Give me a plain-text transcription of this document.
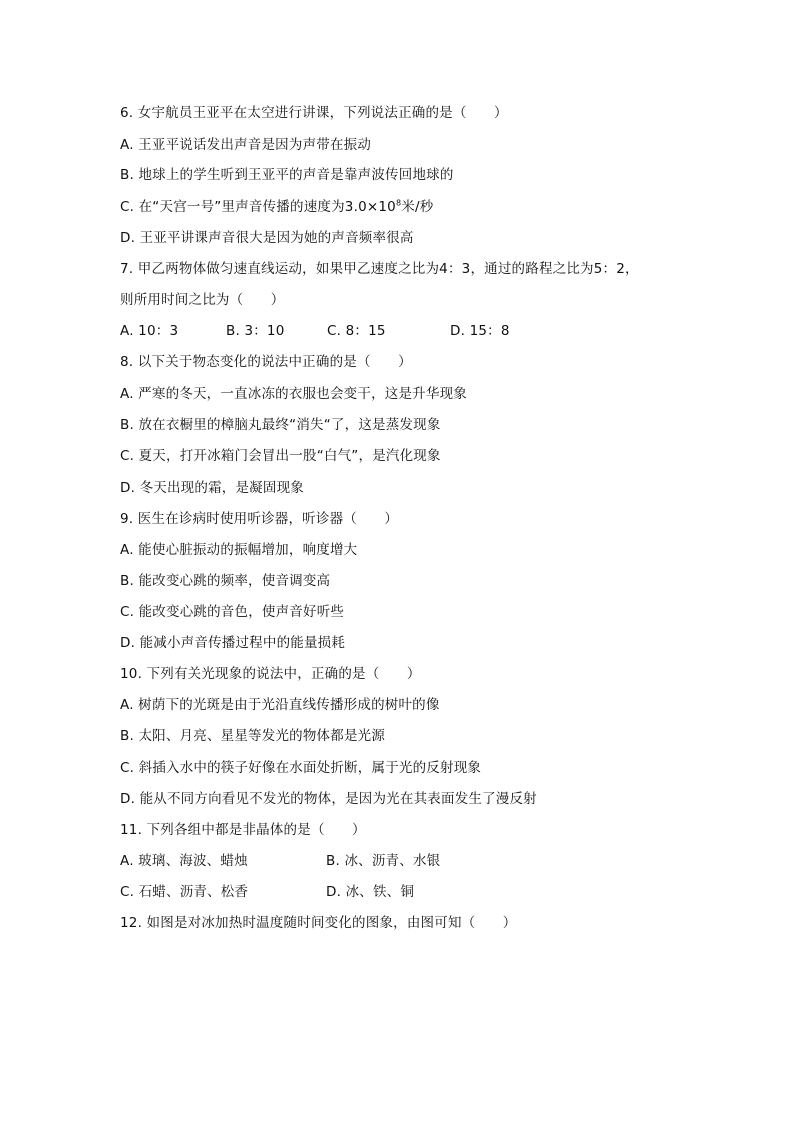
6. 女宇航员王亚平在太空进行讲课，下列说法正确的是（　　）
A. 王亚平说话发出声音是因为声带在振动
B. 地球上的学生听到王亚平的声音是靠声波传回地球的
C. 在“天宫一号”里声音传播的速度为$3.0\times 10^8$米/秒
D. 王亚平讲课声音很大是因为她的声音频率很高
7. 甲乙两物体做匀速直线运动，如果甲乙速度之比为4：3，通过的路程之比为5：2，
则所用时间之比为（　　）
A. 10：3	B. 3：10	C. 8：15	D. 15：8
8. 以下关于物态变化的说法中正确的是（　　）
A. 严寒的冬天，一直冰冻的衣服也会变干，这是升华现象
B. 放在衣橱里的樟脑丸最终“消失“了，这是蒸发现象
C. 夏天，打开冰箱门会冒出一股“白气”，是汽化现象
D. 冬天出现的霜，是凝固现象
9. 医生在诊病时使用听诊器，听诊器（　　）
A. 能使心脏振动的振幅增加，响度增大
B. 能改变心跳的频率，使音调变高
C. 能改变心跳的音色，使声音好听些
D. 能减小声音传播过程中的能量损耗
10. 下列有关光现象的说法中，正确的是（　　）
A. 树荫下的光斑是由于光沿直线传播形成的树叶的像
B. 太阳、月亮、星星等发光的物体都是光源
C. 斜插入水中的筷子好像在水面处折断，属于光的反射现象
D. 能从不同方向看见不发光的物体，是因为光在其表面发生了漫反射
11. 下列各组中都是非晶体的是（　　）
A. 玻璃、海波、蜡烛	B. 冰、沥青、水银
C. 石蜡、沥青、松香	D. 冰、铁、铜
12. 如图是对冰加热时温度随时间变化的图象，由图可知（　　）
